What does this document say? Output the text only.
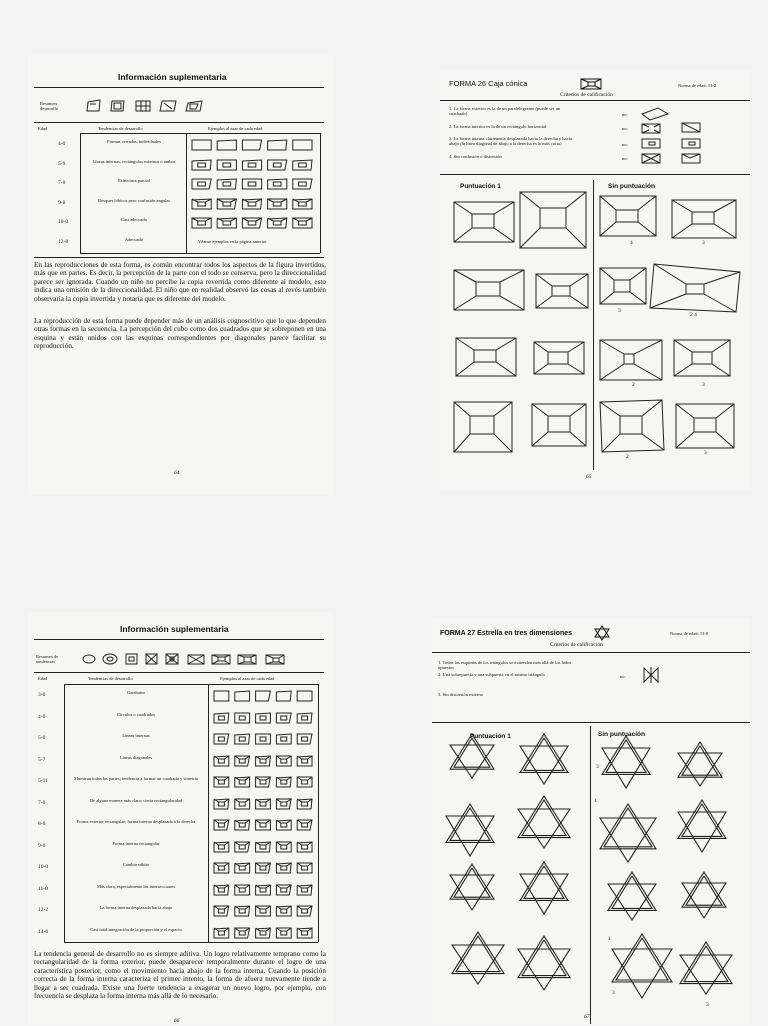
Información suplementaria
Resumen desarrollo
Edad	Tendencias de desarrollo	Ejemplos al azar de cada edad
4-0	Formas cerradas, individuales
5-9	Líneas internas, rectángulos externos o ambos
7-0	Estructura parcial
9-0	Bosques lóbicos pero confusión angular
10-0	Casi adecuado
12-8	Adecuado	Véanse ejemplos en la página anterior
En las reproducciones de esta forma, es común encontrar todos los aspectos de la figura invertidos, más que en partes. Es decir, la percepción de la parte con el todo se conserva, pero la direccionalidad parece ser ignorada. Cuando un niño no percibe la copia revertida como diferente al modelo, esto indica una omisión de la direccionalidad. El niño que en realidad observó las cosas al revés también observaría la copia invertida y notaría que es diferente del modelo.
La reproducción de esta forma puede depender más de un análisis cognoscitivo que lo que dependen otras formas en la secuencia. La percepción del cubo como dos cuadrados que se sobreponen en una esquina y están unidos con las esquinas correspondientes por diagonales parece facilitar su reproducción.
64
FORMA 26 Caja cónica	Norma de edad: 13-2
Criterios de calificación
1. La forma exterior es la de un paralelogramo (puede ser un cuadrado)
2. La forma interior es la de un rectángulo horizontal
3. La forma interna claramente desplazada hacia la derecha y hacia abajo (la línea diagonal de abajo a la derecha es la más corta)
4. Sin confusión o distorsión
no:
no:
no:
no:
Puntuación 1	Sin puntuación
4	3
3
2 4
2	3
2
3
65
Información suplementaria
Resumen de tendencias
Edad	Tendencias de desarrollo	Ejemplos al azar de cada edad
3-0	Garabateo
4-0	Círculos o cuadrados
5-0	Líneas internas
5-7	Líneas diagonales
5-11	Muestran todas las partes; tendencia a formar un cuadrado y simetría
7-0	De alguna manera más clara; cierta rectangularidad
8-6	Forma exterior rectangular; forma interna desplazada a la derecha
9-0	Forma interna rectangular
10-0	Cambio súbito
11-0	Más clara, especialmente las intersecciones
12-2	La forma interna desplazada hacia abajo
14-6	Casi total integración de la proporción y el espacio
La tendencia general de desarrollo no es siempre aditiva. Un logro relativamente temprano como la rectangularidad de la forma exterior, puede desaparecer temporalmente durante el logro de una característica posterior, como el movimiento hacia abajo de la forma interna. Cuando la posición correcta de la forma interna caracteriza el primer intento, la forma de afuera nuevamente tiende a llegar a ser cuadrada. Existe una fuerte tendencia a exagerar un nuevo logro, por ejemplo, con frecuencia se desplaza la forma interna más allá de lo necesario.
66
FORMA 27 Estrella en tres dimensiones	Norma de edad: 13-8
Criterios de calificación
1. Todas las esquinas de los triángulos se extienden más allá de los lados opuestos
2. Una sobrepuesta y una subpuesta en el mismo triángulo
3. Sin distorsión externa
no:
Puntuación 1	Sin puntuación
3
2
1
1
3
3
67
